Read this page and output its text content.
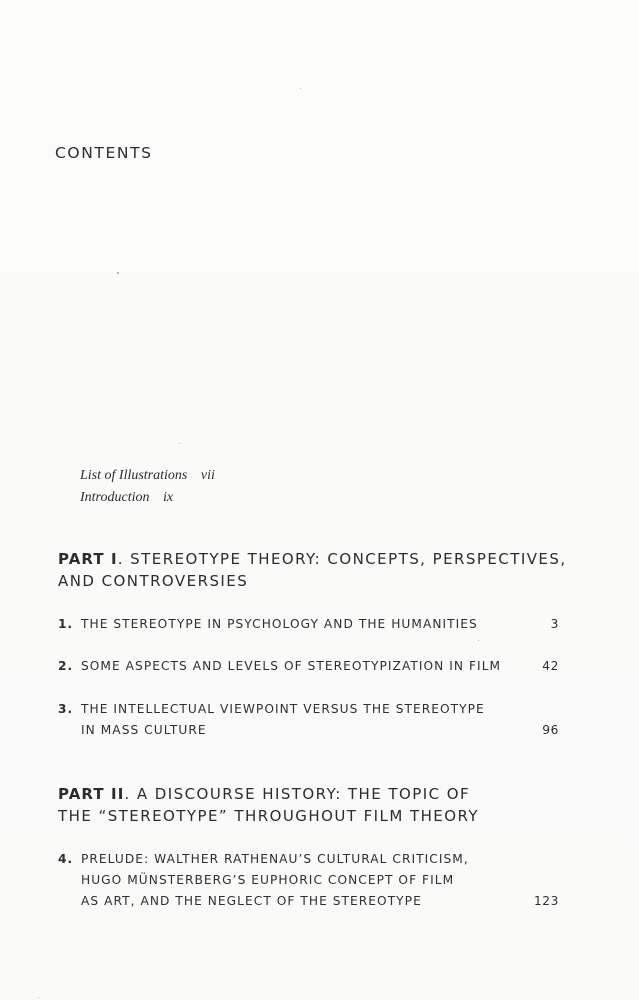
CONTENTS
List of Illustrations vii
Introduction ix
PART I. STEREOTYPE THEORY: CONCEPTS, PERSPECTIVES,
AND CONTROVERSIES
1. THE STEREOTYPE IN PSYCHOLOGY AND THE HUMANITIES	3
2. SOME ASPECTS AND LEVELS OF STEREOTYPIZATION IN FILM	42
3. THE INTELLECTUAL VIEWPOINT VERSUS THE STEREOTYPE
IN MASS CULTURE	96
PART II. A DISCOURSE HISTORY: THE TOPIC OF
THE “STEREOTYPE” THROUGHOUT FILM THEORY
4. PRELUDE: WALTHER RATHENAU’S CULTURAL CRITICISM,
HUGO MÜNSTERBERG’S EUPHORIC CONCEPT OF FILM
AS ART, AND THE NEGLECT OF THE STEREOTYPE	123
